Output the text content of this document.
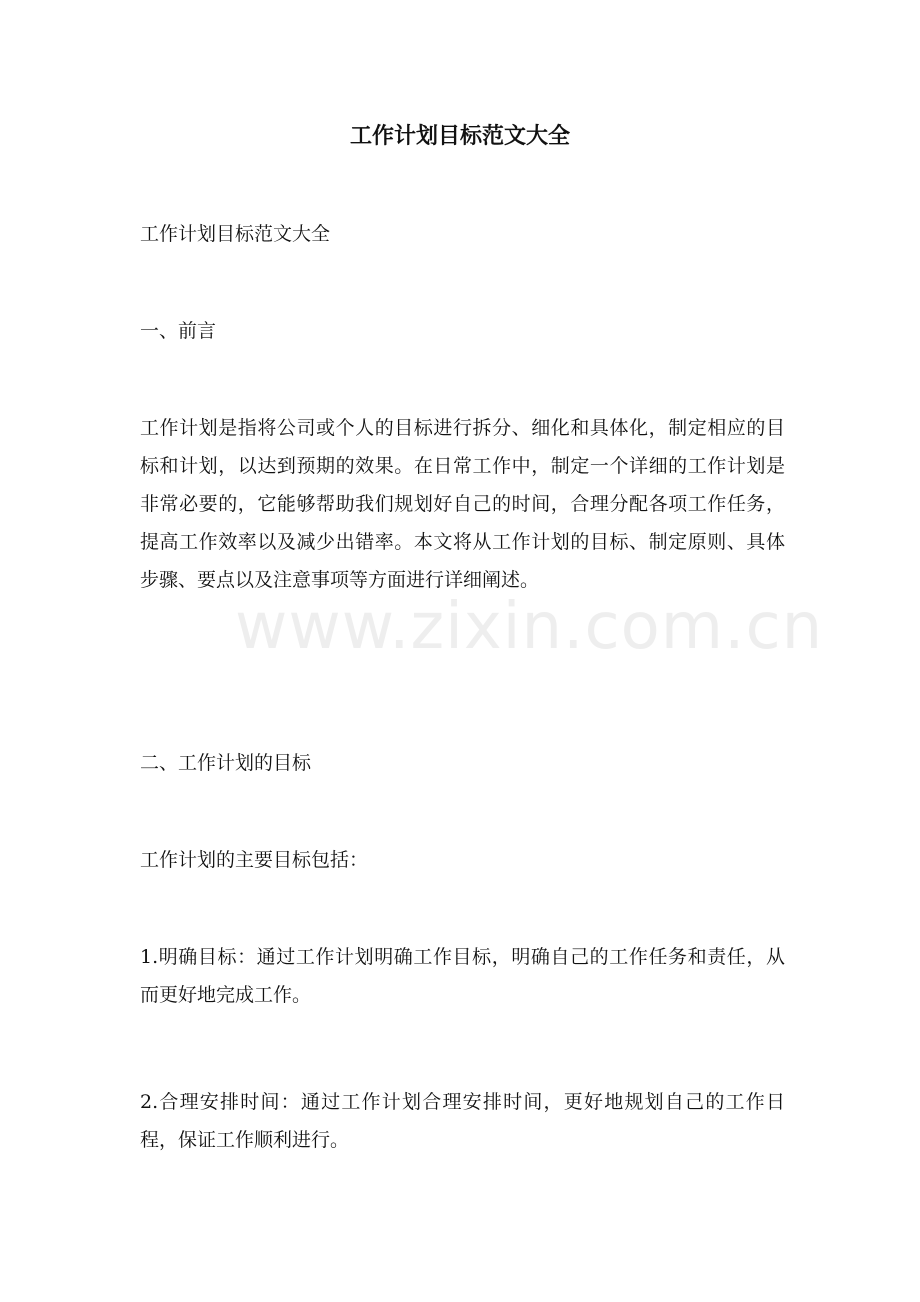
www.zixin.com.cn
工作计划目标范文大全

工作计划目标范文大全

一、前言

工作计划是指将公司或个人的目标进行拆分、细化和具体化，制定相应的目标和计划，以达到预期的效果。在日常工作中，制定一个详细的工作计划是非常必要的，它能够帮助我们规划好自己的时间，合理分配各项工作任务，提高工作效率以及减少出错率。本文将从工作计划的目标、制定原则、具体步骤、要点以及注意事项等方面进行详细阐述。

二、工作计划的目标

工作计划的主要目标包括：

1.明确目标：通过工作计划明确工作目标，明确自己的工作任务和责任，从而更好地完成工作。

2.合理安排时间：通过工作计划合理安排时间，更好地规划自己的工作日程，保证工作顺利进行。
